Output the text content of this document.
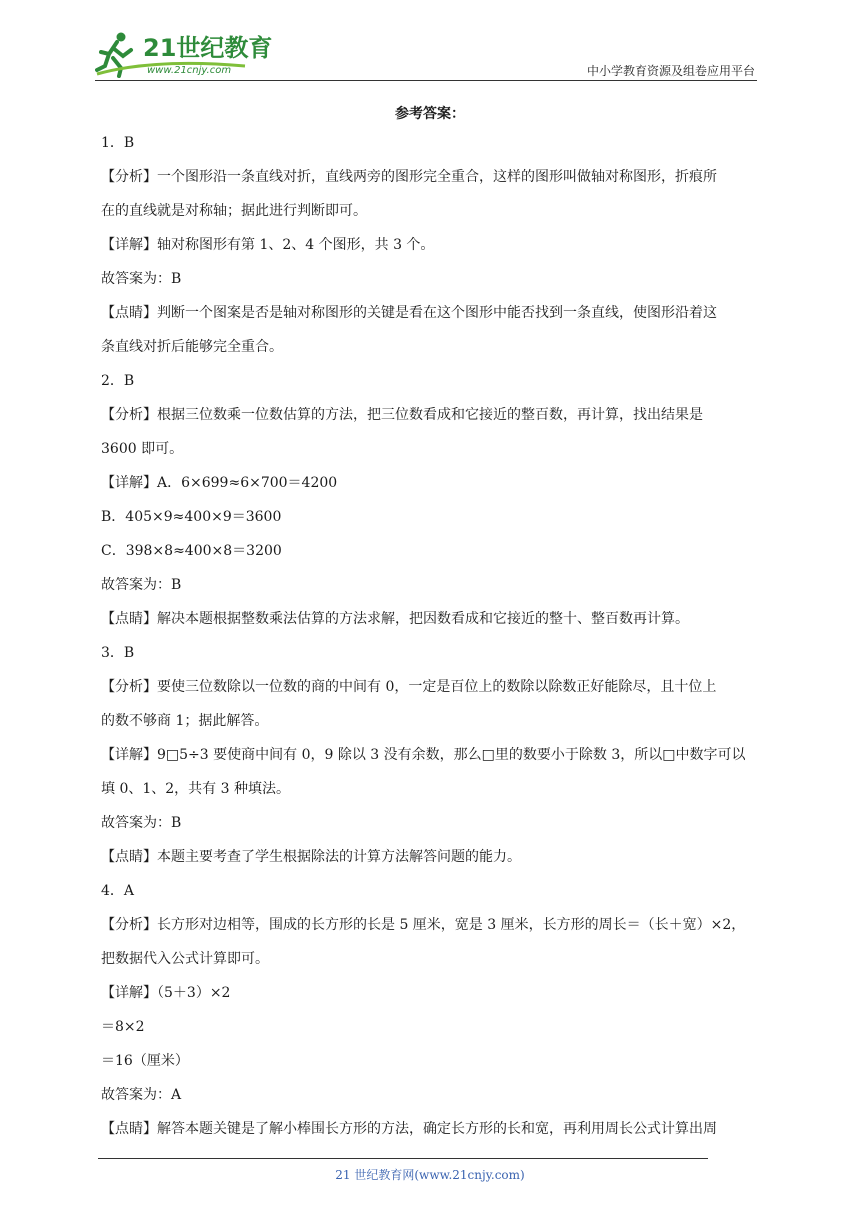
21世纪教育
www.21cnjy.com	中小学教育资源及组卷应用平台
参考答案：
1．B
【分析】一个图形沿一条直线对折，直线两旁的图形完全重合，这样的图形叫做轴对称图形，折痕所
在的直线就是对称轴；据此进行判断即可。
【详解】轴对称图形有第 1、2、4 个图形，共 3 个。
故答案为：B
【点睛】判断一个图案是否是轴对称图形的关键是看在这个图形中能否找到一条直线，使图形沿着这
条直线对折后能够完全重合。
2．B
【分析】根据三位数乘一位数估算的方法，把三位数看成和它接近的整百数，再计算，找出结果是
3600 即可。
【详解】A．6×699≈6×700＝4200
B．405×9≈400×9＝3600
C．398×8≈400×8＝3200
故答案为：B
【点睛】解决本题根据整数乘法估算的方法求解，把因数看成和它接近的整十、整百数再计算。
3．B
【分析】要使三位数除以一位数的商的中间有 0，一定是百位上的数除以除数正好能除尽，且十位上
的数不够商 1；据此解答。
【详解】9□5÷3 要使商中间有 0，9 除以 3 没有余数，那么□里的数要小于除数 3，所以□中数字可以
填 0、1、2，共有 3 种填法。
故答案为：B
【点睛】本题主要考查了学生根据除法的计算方法解答问题的能力。
4．A
【分析】长方形对边相等，围成的长方形的长是 5 厘米，宽是 3 厘米，长方形的周长＝（长＋宽）×2，
把数据代入公式计算即可。
【详解】（5＋3）×2
＝8×2
＝16（厘米）
故答案为：A
【点睛】解答本题关键是了解小棒围长方形的方法，确定长方形的长和宽，再利用周长公式计算出周
21 世纪教育网(www.21cnjy.com)
